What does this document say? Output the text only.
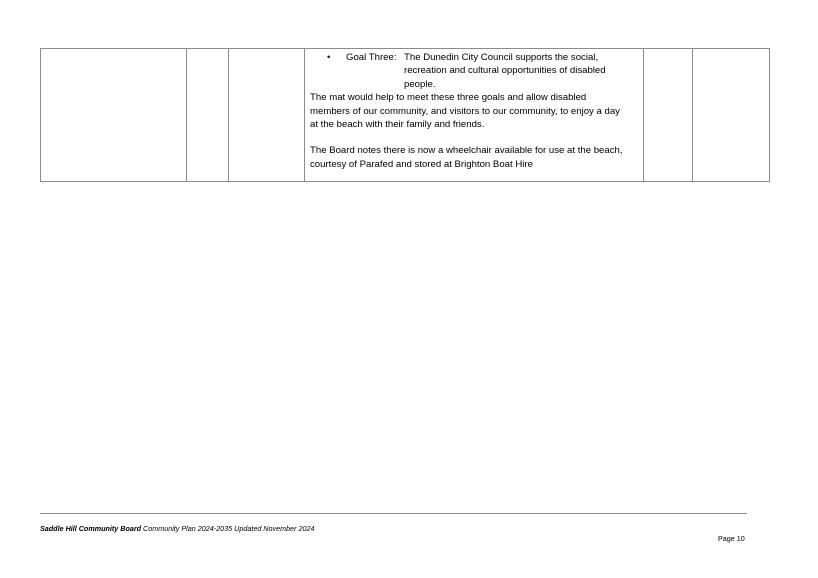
•	Goal Three: The Dunedin City Council supports the social, recreation and cultural opportunities of disabled people.
The mat would help to meet these three goals and allow disabled
members of our community, and visitors to our community, to enjoy a day
at the beach with their family and friends.
The Board notes there is now a wheelchair available for use at the beach,
courtesy of Parafed and stored at Brighton Boat Hire

Saddle Hill Community Board Community Plan 2024-2035 Updated November 2024
Page 10
